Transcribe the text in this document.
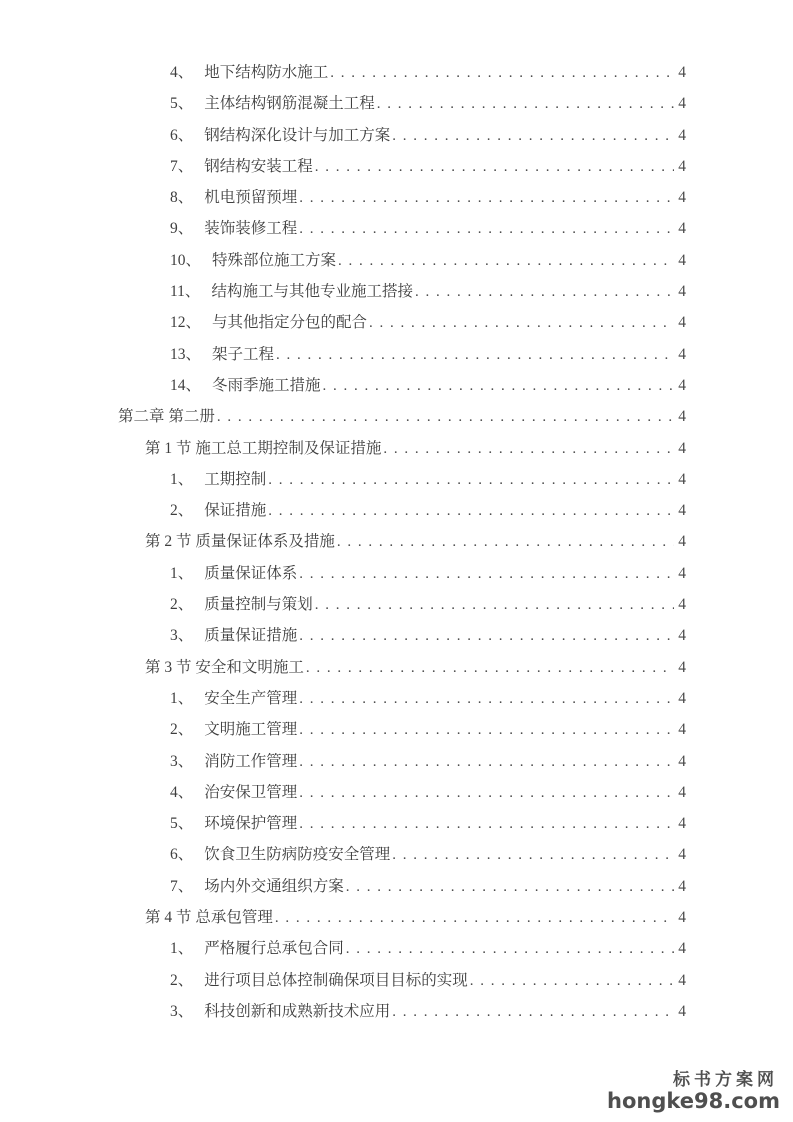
4、 地下结构防水施工 . . .	4
5、 主体结构钢筋混凝土工程 . . .	4
6、 钢结构深化设计与加工方案 . . .	4
7、 钢结构安装工程 . . .	4
8、 机电预留预埋 . . .	4
9、 装饰装修工程 . . .	4
10、 特殊部位施工方案 . . .	4
11、 结构施工与其他专业施工搭接 . . .	4
12、 与其他指定分包的配合 . . .	4
13、 架子工程 . . .	4
14、 冬雨季施工措施 . . .	4
第二章 第二册 . . .	4
第 1 节 施工总工期控制及保证措施 . . .	4
1、 工期控制 . . .	4
2、 保证措施 . . .	4
第 2 节 质量保证体系及措施 . . .	4
1、 质量保证体系 . . .	4
2、 质量控制与策划 . . .	4
3、 质量保证措施 . . .	4
第 3 节 安全和文明施工 . . .	4
1、 安全生产管理 . . .	4
2、 文明施工管理 . . .	4
3、 消防工作管理 . . .	4
4、 治安保卫管理 . . .	4
5、 环境保护管理 . . .	4
6、 饮食卫生防病防疫安全管理 . . .	4
7、 场内外交通组织方案 . . .	4
第 4 节 总承包管理 . . .	4
1、 严格履行总承包合同 . . .	4
2、 进行项目总体控制确保项目目标的实现 . . .	4
3、 科技创新和成熟新技术应用 . . .	4
标书方案网
hongke98.com
